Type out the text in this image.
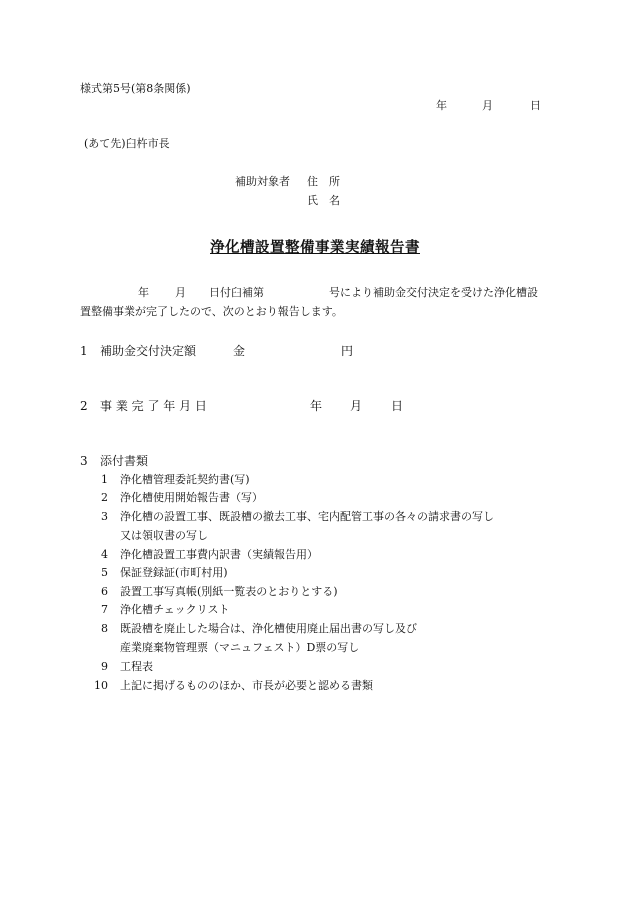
様式第5号(第8条関係)
年	月	日
(あて先)臼杵市長
補助対象者 住　所
氏　名
浄化槽設置整備事業実績報告書
年 月 日付臼補第	号により補助金交付決定を受けた浄化槽設
置整備事業が完了したので、次のとおり報告します。
1 補助金交付決定額	金	円
2 事 業 完 了 年 月 日	年 月 日
3 添付書類
1 浄化槽管理委託契約書(写)
2 浄化槽使用開始報告書（写）
3 浄化槽の設置工事、既設槽の撤去工事、宅内配管工事の各々の請求書の写し
又は領収書の写し
4 浄化槽設置工事費内訳書（実績報告用）
5 保証登録証(市町村用)
6 設置工事写真帳(別紙一覧表のとおりとする)
7 浄化槽チェックリスト
8 既設槽を廃止した場合は、浄化槽使用廃止届出書の写し及び
産業廃棄物管理票（マニュフェスト）D票の写し
9 工程表
10 上記に掲げるもののほか、市長が必要と認める書類
